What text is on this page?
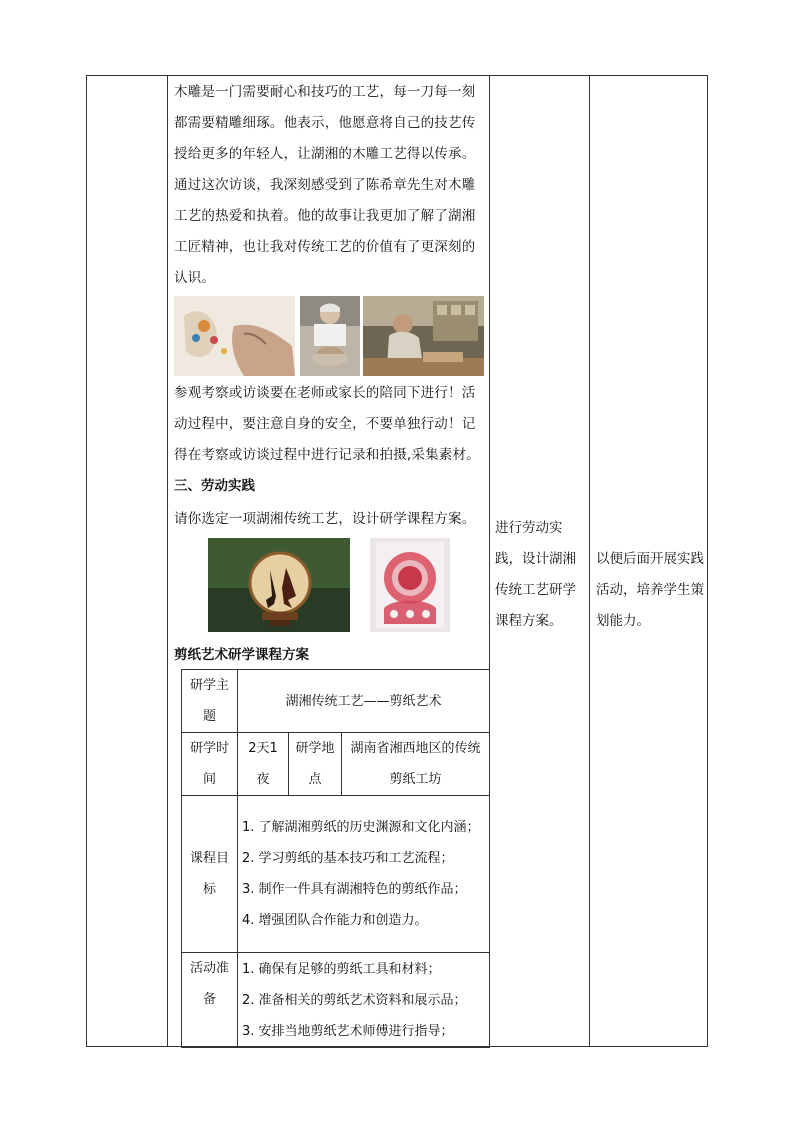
木雕是一门需要耐心和技巧的工艺，每一刀每一刻都需要精雕细琢。他表示，他愿意将自己的技艺传授给更多的年轻人，让湖湘的木雕工艺得以传承。

通过这次访谈，我深刻感受到了陈希章先生对木雕工艺的热爱和执着。他的故事让我更加了解了湖湘工匠精神，也让我对传统工艺的价值有了更深刻的认识。

参观考察或访谈要在老师或家长的陪同下进行！活动过程中，要注意自身的安全，不要单独行动！记得在考察或访谈过程中进行记录和拍摄,采集素材。

三、劳动实践

请你选定一项湖湘传统工艺，设计研学课程方案。

剪纸艺术研学课程方案

进行劳动实践，设计湖湘传统工艺研学课程方案。
以便后面开展实践活动，培养学生策划能力。
研学主题	湖湘传统工艺——剪纸艺术		
研学时间	2天1夜	研学地点	湖南省湘西地区的传统剪纸工坊
课程目标	1. 了解湖湘剪纸的历史渊源和文化内涵；
2. 学习剪纸的基本技巧和工艺流程；
3. 制作一件具有湖湘特色的剪纸作品；
4. 增强团队合作能力和创造力。		

活动准备	1. 确保有足够的剪纸工具和材料；
2. 准备相关的剪纸艺术资料和展示品；
3. 安排当地剪纸艺术师傅进行指导；		
